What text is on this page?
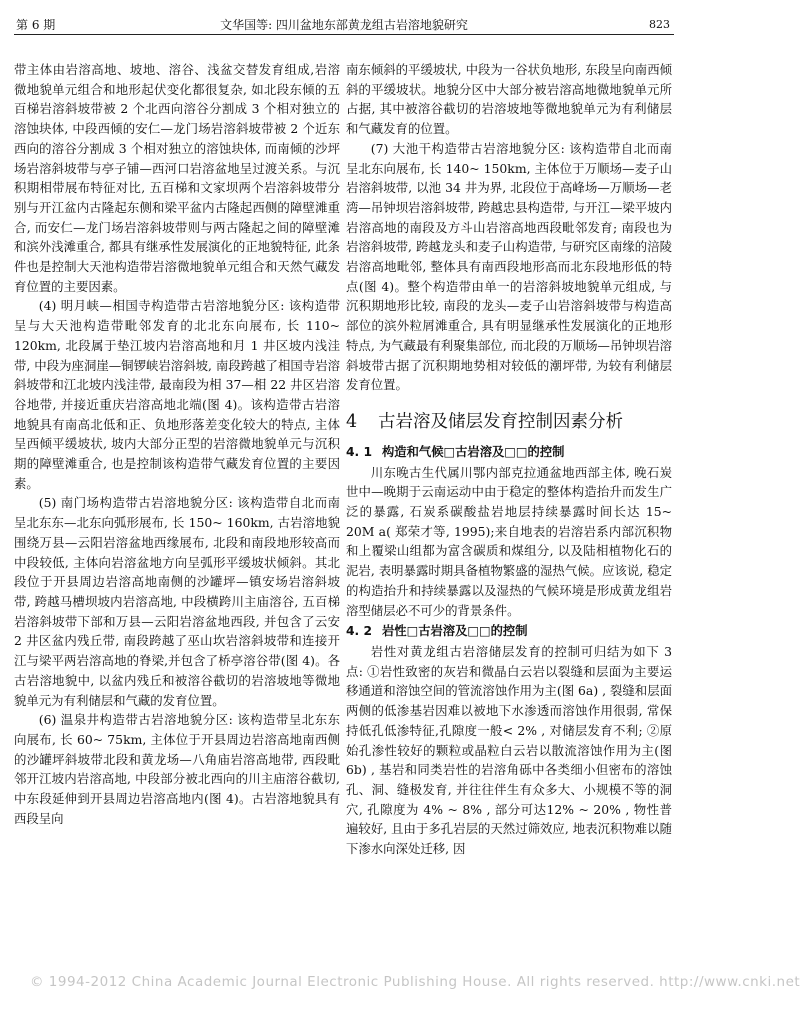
第 6 期	文华国等: 四川盆地东部黄龙组古岩溶地貌研究	823

带主体由岩溶高地、坡地、溶谷、浅盆交替发育组成,岩溶微地貌单元组合和地形起伏变化都很复杂, 如北段东倾的五百梯岩溶斜坡带被 2 个北西向溶谷分割成 3 个相对独立的溶蚀块体, 中段西倾的安仁—龙门场岩溶斜坡带被 2 个近东西向的溶谷分割成 3 个相对独立的溶蚀块体, 而南倾的沙坪场岩溶斜坡带与亭子铺—西河口岩溶盆地呈过渡关系。与沉积期相带展布特征对比, 五百梯和文家坝两个岩溶斜坡带分别与开江盆内古隆起东侧和梁平盆内古隆起西侧的障壁滩重合, 而安仁—龙门场岩溶斜坡带则与两古隆起之间的障壁滩和滨外浅滩重合, 都具有继承性发展演化的正地貌特征, 此条件也是控制大天池构造带岩溶微地貌单元组合和天然气藏发育位置的主要因素。

(4) 明月峡—相国寺构造带古岩溶地貌分区: 该构造带呈与大天池构造带毗邻发育的北北东向展布, 长 110~ 120km, 北段属于垫江坡内岩溶高地和月 1 井区坡内浅洼带, 中段为座洞崖—铜锣峡岩溶斜坡, 南段跨越了相国寺岩溶斜坡带和江北坡内浅洼带, 最南段为相 37—相 22 井区岩溶谷地带, 并接近重庆岩溶高地北端(图 4)。该构造带古岩溶地貌具有南高北低和正、负地形落差变化较大的特点, 主体呈西倾平缓坡状, 坡内大部分正型的岩溶微地貌单元与沉积期的障壁滩重合, 也是控制该构造带气藏发育位置的主要因素。

(5) 南门场构造带古岩溶地貌分区: 该构造带自北而南呈北东东—北东向弧形展布, 长 150~ 160km, 古岩溶地貌围绕万县—云阳岩溶盆地西缘展布, 北段和南段地形较高而中段较低, 主体向岩溶盆地方向呈弧形平缓坡状倾斜。其北段位于开县周边岩溶高地南侧的沙罐坪—镇安场岩溶斜坡带, 跨越马槽坝坡内岩溶高地, 中段横跨川主庙溶谷, 五百梯岩溶斜坡带下部和万县—云阳岩溶盆地西段, 并包含了云安 2 井区盆内残丘带, 南段跨越了巫山坎岩溶斜坡带和连接开江与梁平两岩溶高地的脊梁,并包含了桥亭溶谷带(图 4)。各古岩溶地貌中, 以盆内残丘和被溶谷截切的岩溶坡地等微地貌单元为有利储层和气藏的发育位置。

(6) 温泉井构造带古岩溶地貌分区: 该构造带呈北东东向展布, 长 60~ 75km, 主体位于开县周边岩溶高地南西侧的沙罐坪斜坡带北段和黄龙场—八角庙岩溶高地带, 西段毗邻开江坡内岩溶高地, 中段部分被北西向的川主庙溶谷截切, 中东段延伸到开县周边岩溶高地内(图 4)。古岩溶地貌具有西段呈向

南东倾斜的平缓坡状, 中段为一谷状负地形, 东段呈向南西倾斜的平缓坡状。地貌分区中大部分被岩溶高地微地貌单元所占据, 其中被溶谷截切的岩溶坡地等微地貌单元为有利储层和气藏发育的位置。

(7) 大池干构造带古岩溶地貌分区: 该构造带自北而南呈北东向展布, 长 140~ 150km, 主体位于万顺场—麦子山岩溶斜坡带, 以池 34 井为界, 北段位于高峰场—万顺场—老湾—吊钟坝岩溶斜坡带, 跨越忠县构造带, 与开江—梁平坡内岩溶高地的南段及方斗山岩溶高地西段毗邻发育; 南段也为岩溶斜坡带, 跨越龙头和麦子山构造带, 与研究区南缘的涪陵岩溶高地毗邻, 整体具有南西段地形高而北东段地形低的特点(图 4)。整个构造带由单一的岩溶斜坡地貌单元组成, 与沉积期地形比较, 南段的龙头—麦子山岩溶斜坡带与构造高部位的滨外粒屑滩重合, 具有明显继承性发展演化的正地形特点, 为气藏最有利聚集部位, 而北段的万顺场—吊钟坝岩溶斜坡带古据了沉积期地势相对较低的潮坪带, 为较有利储层发育位置。

4 古岩溶及储层发育控制因素分析
4. 1 构造和气候□古岩溶及□□的控制

川东晚古生代属川鄂内部克拉通盆地西部主体, 晚石炭世中—晚期于云南运动中由于稳定的整体构造抬升而发生广泛的暴露, 石炭系碳酸盐岩地层持续暴露时间长达 15~ 20M a( 郑荣才等, 1995);来自地表的岩溶岩系内部沉积物和上覆梁山组都为富含碳质和煤组分, 以及陆相植物化石的泥岩, 表明暴露时期具备植物繁盛的湿热气候。应该说, 稳定的构造抬升和持续暴露以及湿热的气候环境是形成黄龙组岩溶型储层必不可少的背景条件。

4. 2 岩性□古岩溶及□□的控制

岩性对黄龙组古岩溶储层发育的控制可归结为如下 3 点: ①岩性致密的灰岩和微晶白云岩以裂缝和层面为主要运移通道和溶蚀空间的管流溶蚀作用为主(图 6a) , 裂缝和层面两侧的低渗基岩因难以被地下水渗透而溶蚀作用很弱, 常保持低孔低渗特征,孔隙度一般< 2% , 对储层发育不利; ②原始孔渗性较好的颗粒或晶粒白云岩以散流溶蚀作用为主(图6b) , 基岩和同类岩性的岩溶角砾中各类细小但密布的溶蚀孔、洞、缝极发育, 并往往伴生有众多大、小规模不等的洞穴, 孔隙度为 4% ~ 8% , 部分可达12% ~ 20% , 物性普遍较好, 且由于多孔岩层的天然过筛效应, 地表沉积物难以随下渗水向深处迁移, 因

© 1994-2012 China Academic Journal Electronic Publishing House. All rights reserved. http://www.cnki.net
